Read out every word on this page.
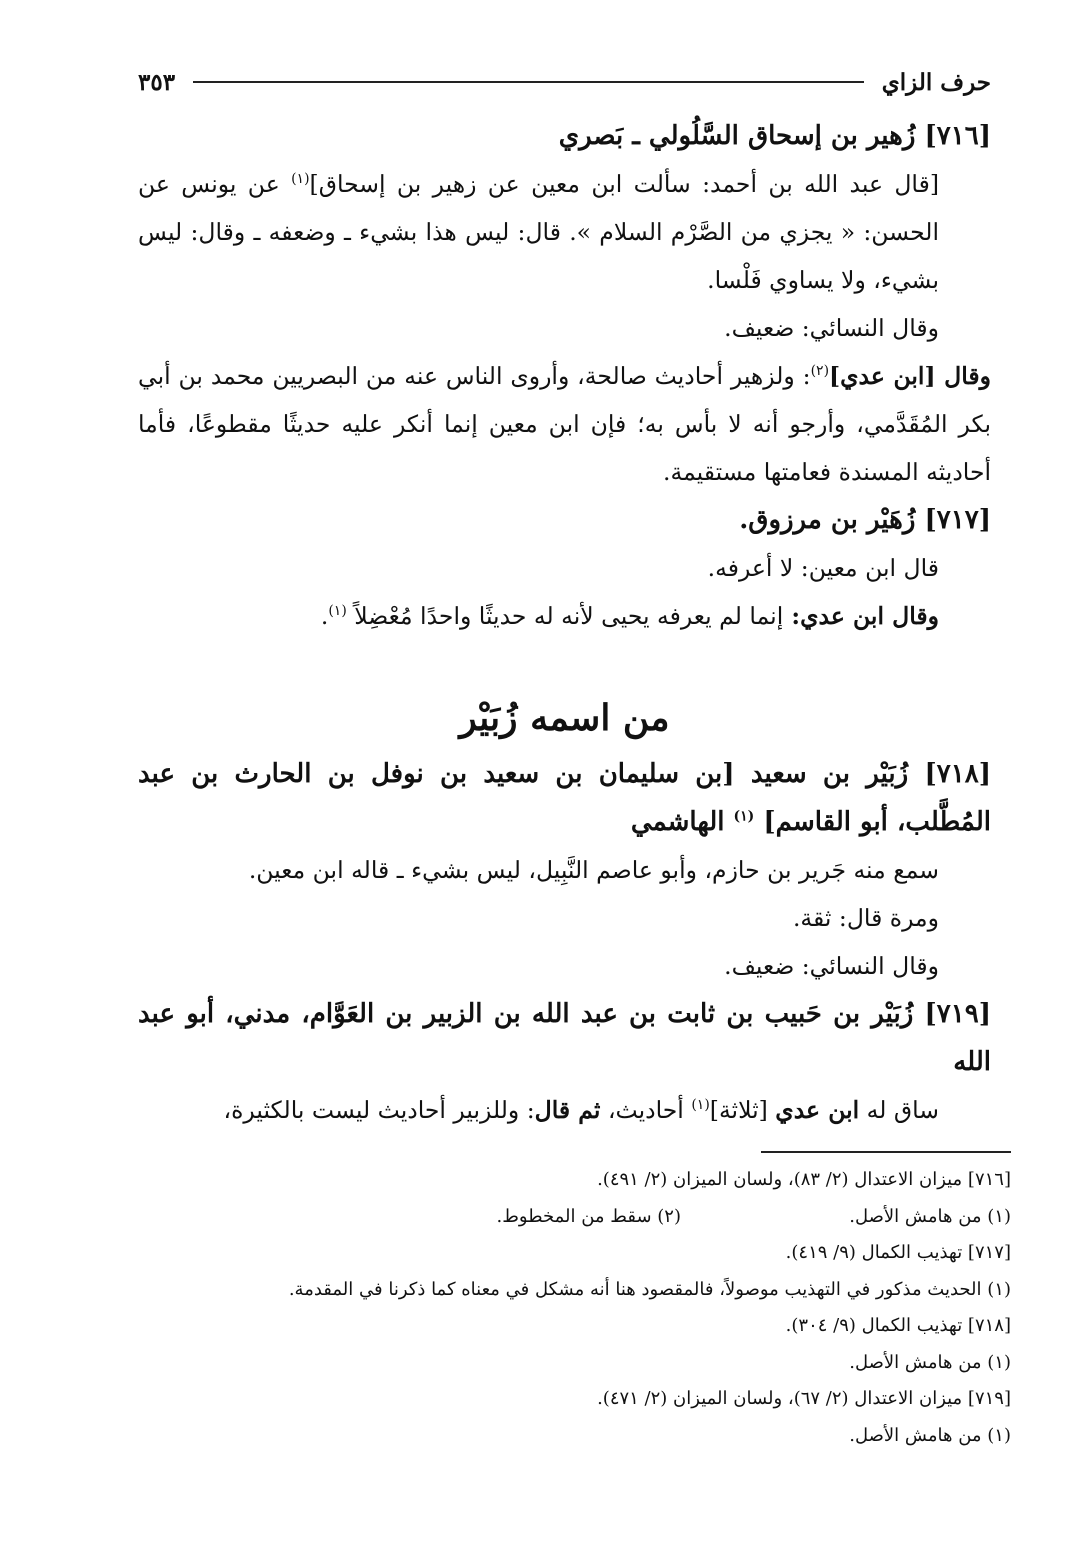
حرف الزاي
٣٥٣
[٧١٦] زُهير بن إسحاق السَّلُولي ـ بَصري

[قال عبد الله بن أحمد: سألت ابن معين عن زهير بن إسحاق]$^{(١)}$ عن يونس عن الحسن: « يجزي من الصَّرْم السلام ». قال: ليس هذا بشيء ـ وضعفه ـ وقال: ليس بشيء، ولا يساوي فَلْسا.

وقال النسائي: ضعيف.

وقال [ابن عدي]$^{(٢)}$: ولزهير أحاديث صالحة، وأروى الناس عنه من البصريين محمد بن أبي بكر المُقَدَّمي، وأرجو أنه لا بأس به؛ فإن ابن معين إنما أنكر عليه حديثًا مقطوعًا، فأما أحاديثه المسندة فعامتها مستقيمة.

[٧١٧] زُهَيْر بن مرزوق.

قال ابن معين: لا أعرفه.

وقال ابن عدي: إنما لم يعرفه يحيى لأنه له حديثًا واحدًا مُعْضِلاً $^{(١)}$.

من اسمه زُبَيْر
[٧١٨] زُبَيْر بن سعيد [بن سليمان بن سعيد بن نوفل بن الحارث بن عبد المُطَّلب، أبو القاسم] $^{(١)}$ الهاشمي

سمع منه جَرير بن حازم، وأبو عاصم النَّبِيل، ليس بشيء ـ قاله ابن معين.

ومرة قال: ثقة.

وقال النسائي: ضعيف.

[٧١٩] زُبَيْر بن حَبيب بن ثابت بن عبد الله بن الزبير بن العَوَّام، مدني، أبو عبد الله

ساق له ابن عدي [ثلاثة]$^{(١)}$ أحاديث، ثم قال: وللزبير أحاديث ليست بالكثيرة،

[٧١٦] ميزان الاعتدال (٢/ ٨٣)، ولسان الميزان (٢/ ٤٩١).
(١) من هامش الأصل.
(٢) سقط من المخطوط.
[٧١٧] تهذيب الكمال (٩/ ٤١٩).
(١) الحديث مذكور في التهذيب موصولاً، فالمقصود هنا أنه مشكل في معناه كما ذكرنا في المقدمة.
[٧١٨] تهذيب الكمال (٩/ ٣٠٤).
(١) من هامش الأصل.
[٧١٩] ميزان الاعتدال (٢/ ٦٧)، ولسان الميزان (٢/ ٤٧١).
(١) من هامش الأصل.
